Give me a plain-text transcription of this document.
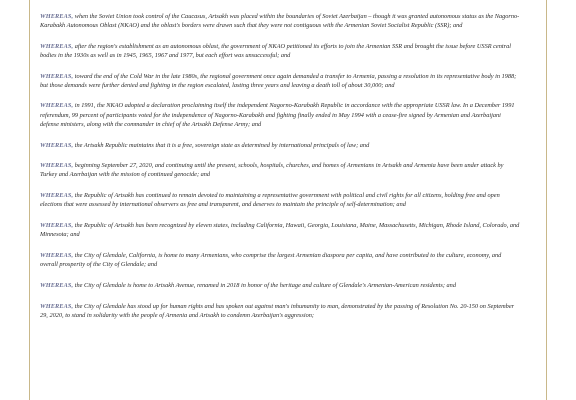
WHEREAS, when the Soviet Union took control of the Caucasus, Artsakh was placed within the boundaries of Soviet Azerbaijan – though it was granted autonomous status as the Nagorno-Karabakh Autonomous Oblast (NKAO) and the oblast's borders were drawn such that they were not contiguous with the Armenian Soviet Socialist Republic (SSR); and

WHEREAS, after the region's establishment as an autonomous oblast, the government of NKAO petitioned its efforts to join the Armenian SSR and brought the issue before USSR central bodies in the 1930s as well as in 1945, 1965, 1967 and 1977, but each effort was unsuccessful; and

WHEREAS, toward the end of the Cold War in the late 1980s, the regional government once again demanded a transfer to Armenia, passing a resolution in its representative body in 1988; but those demands were further denied and fighting in the region escalated, lasting three years and leaving a death toll of about 30,000; and

WHEREAS, in 1991, the NKAO adopted a declaration proclaiming itself the independent Nagorno-Karabakh Republic in accordance with the appropriate USSR law. In a December 1991 referendum, 99 percent of participants voted for the independence of Nagorno-Karabakh and fighting finally ended in May 1994 with a cease-fire signed by Armenian and Azerbaijani defense ministers, along with the commander in chief of the Artsakh Defense Army; and

WHEREAS, the Artsakh Republic maintains that it is a free, sovereign state as determined by international principals of law; and

WHEREAS, beginning September 27, 2020, and continuing until the present, schools, hospitals, churches, and homes of Armenians in Artsakh and Armenia have been under attack by Turkey and Azerbaijan with the mission of continued genocide; and

WHEREAS, the Republic of Artsakh has continued to remain devoted to maintaining a representative government with political and civil rights for all citizens, holding free and open elections that were assessed by international observers as free and transparent, and deserves to maintain the principle of self-determination; and

WHEREAS, the Republic of Artsakh has been recognized by eleven states, including California, Hawaii, Georgia, Louisiana, Maine, Massachusetts, Michigan, Rhode Island, Colorado, and Minnesota; and

WHEREAS, the City of Glendale, California, is home to many Armenians, who comprise the largest Armenian diaspora per capita, and have contributed to the culture, economy, and overall prosperity of the City of Glendale; and

WHEREAS, the City of Glendale is home to Artsakh Avenue, renamed in 2018 in honor of the heritage and culture of Glendale's Armenian-American residents; and

WHEREAS, the City of Glendale has stood up for human rights and has spoken out against man's inhumanity to man, demonstrated by the passing of Resolution No. 20-150 on September 29, 2020, to stand in solidarity with the people of Armenia and Artsakh to condemn Azerbaijan's aggression;
